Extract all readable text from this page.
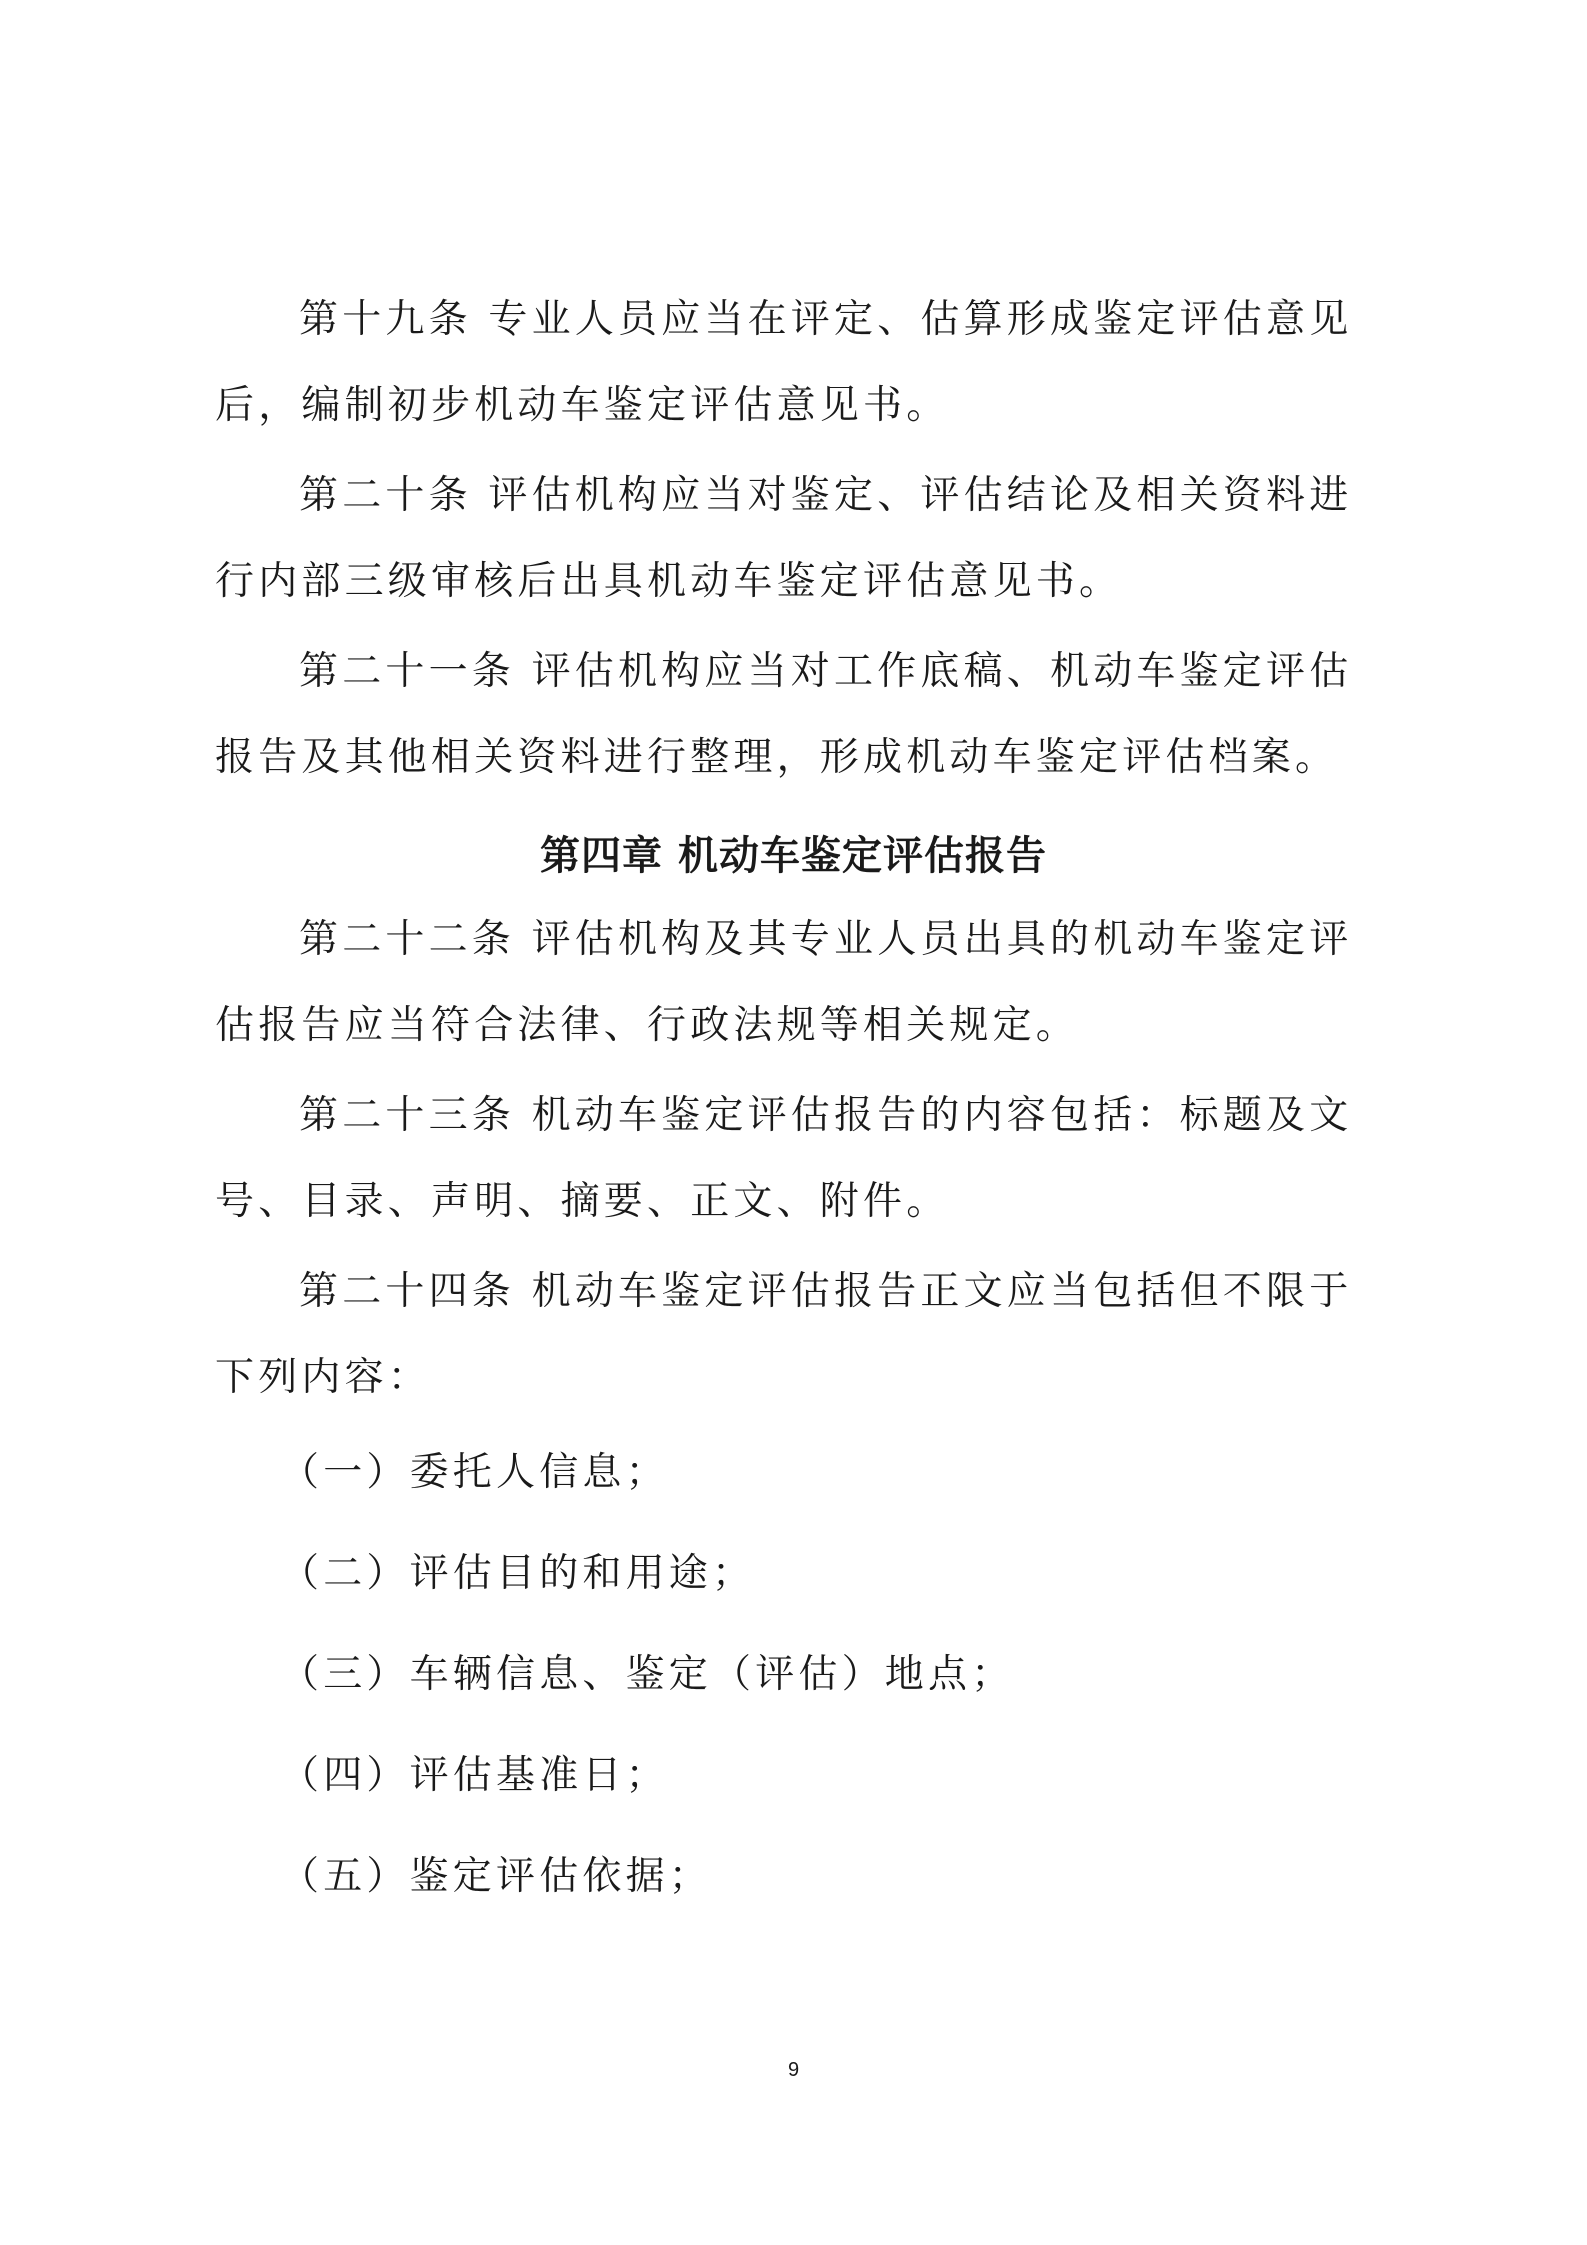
第十九条 专业人员应当在评定、估算形成鉴定评估意见后，编制初步机动车鉴定评估意见书。

第二十条 评估机构应当对鉴定、评估结论及相关资料进行内部三级审核后出具机动车鉴定评估意见书。

第二十一条 评估机构应当对工作底稿、机动车鉴定评估报告及其他相关资料进行整理，形成机动车鉴定评估档案。

第四章 机动车鉴定评估报告

第二十二条 评估机构及其专业人员出具的机动车鉴定评估报告应当符合法律、行政法规等相关规定。

第二十三条 机动车鉴定评估报告的内容包括：标题及文号、目录、声明、摘要、正文、附件。

第二十四条 机动车鉴定评估报告正文应当包括但不限于下列内容：

（一）委托人信息；

（二）评估目的和用途；

（三）车辆信息、鉴定（评估）地点；

（四）评估基准日；

（五）鉴定评估依据；

9
